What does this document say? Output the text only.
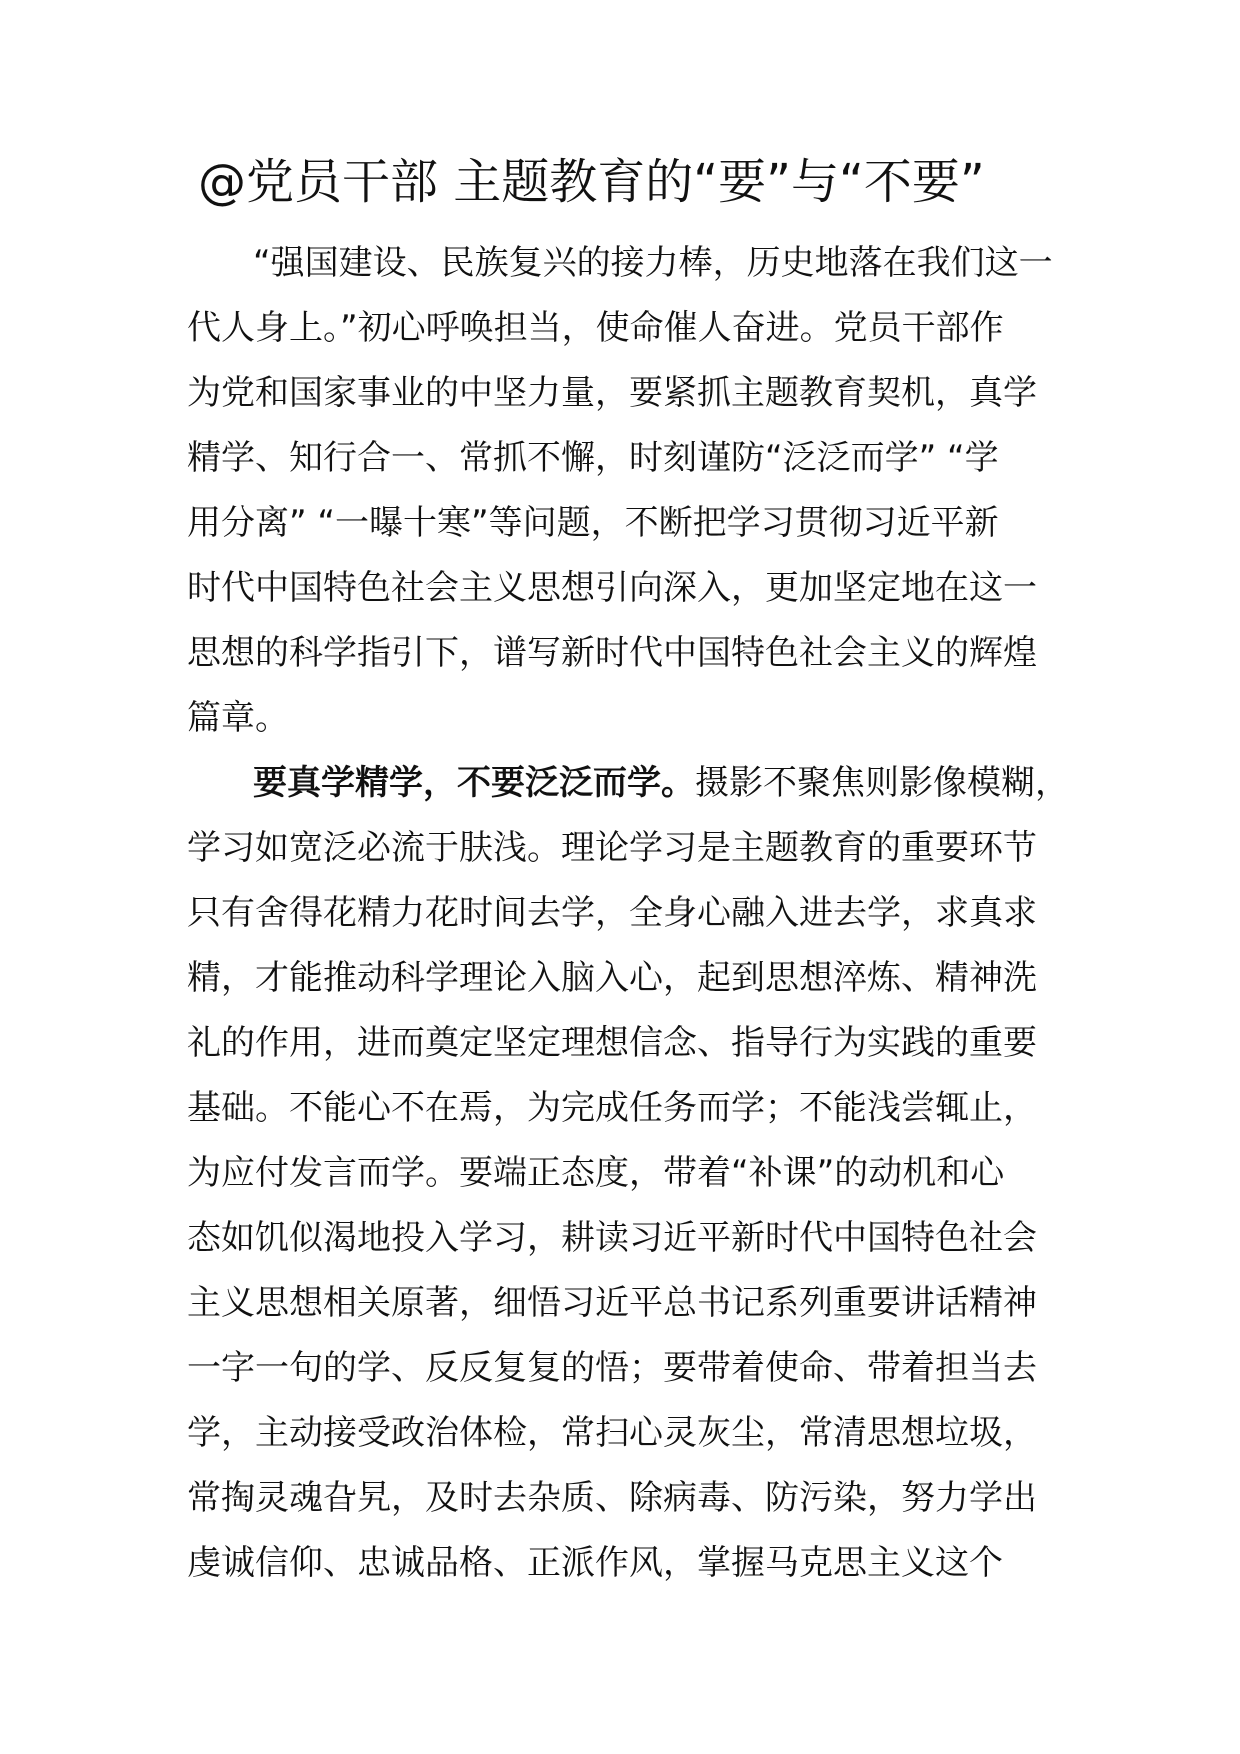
@党员干部 主题教育的“要”与“不要”
“强国建设、民族复兴的接力棒，历史地落在我们这一
代人身上。”初心呼唤担当，使命催人奋进。党员干部作
为党和国家事业的中坚力量，要紧抓主题教育契机，真学
精学、知行合一、常抓不懈，时刻谨防“泛泛而学” “学
用分离” “一曝十寒”等问题，不断把学习贯彻习近平新
时代中国特色社会主义思想引向深入，更加坚定地在这一
思想的科学指引下，谱写新时代中国特色社会主义的辉煌
篇章。
要真学精学，不要泛泛而学。摄影不聚焦则影像模糊，
学习如宽泛必流于肤浅。理论学习是主题教育的重要环节
只有舍得花精力花时间去学，全身心融入进去学，求真求
精，才能推动科学理论入脑入心，起到思想淬炼、精神洗
礼的作用，进而奠定坚定理想信念、指导行为实践的重要
基础。不能心不在焉，为完成任务而学；不能浅尝辄止，
为应付发言而学。要端正态度，带着“补课”的动机和心
态如饥似渴地投入学习，耕读习近平新时代中国特色社会
主义思想相关原著，细悟习近平总书记系列重要讲话精神
一字一句的学、反反复复的悟；要带着使命、带着担当去
学，主动接受政治体检，常扫心灵灰尘，常清思想垃圾，
常掏灵魂旮旯，及时去杂质、除病毒、防污染，努力学出
虔诚信仰、忠诚品格、正派作风，掌握马克思主义这个
